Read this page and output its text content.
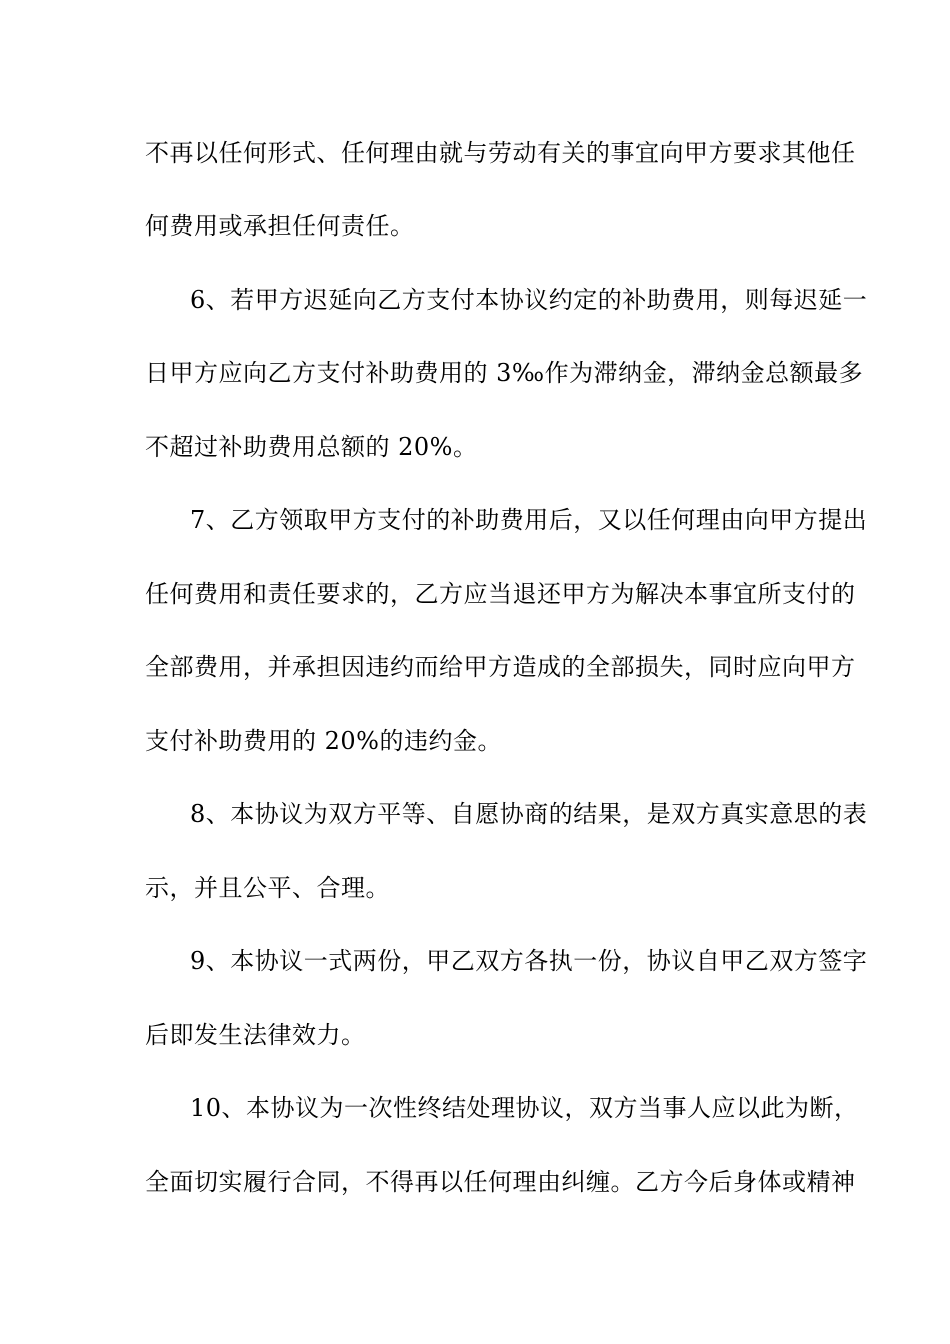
不再以任何形式、任何理由就与劳动有关的事宜向甲方要求其他任
何费用或承担任何责任。
6、若甲方迟延向乙方支付本协议约定的补助费用，则每迟延一
日甲方应向乙方支付补助费用的 3‰作为滞纳金，滞纳金总额最多
不超过补助费用总额的 20%。
7、乙方领取甲方支付的补助费用后，又以任何理由向甲方提出
任何费用和责任要求的，乙方应当退还甲方为解决本事宜所支付的
全部费用，并承担因违约而给甲方造成的全部损失，同时应向甲方
支付补助费用的 20%的违约金。
8、本协议为双方平等、自愿协商的结果，是双方真实意思的表
示，并且公平、合理。
9、本协议一式两份，甲乙双方各执一份，协议自甲乙双方签字
后即发生法律效力。
10、本协议为一次性终结处理协议，双方当事人应以此为断，
全面切实履行合同，不得再以任何理由纠缠。乙方今后身体或精神
